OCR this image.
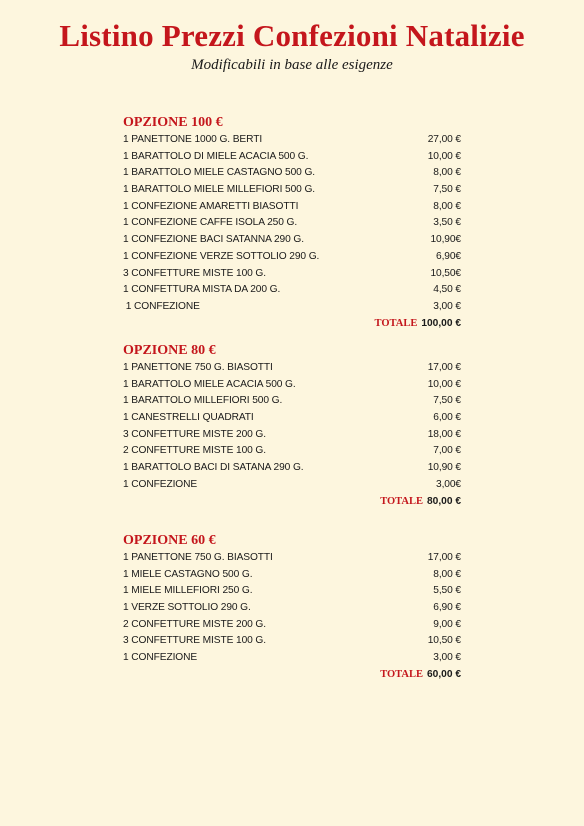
Listino Prezzi Confezioni Natalizie
Modificabili in base alle esigenze
OPZIONE 100 €
1 PANETTONE 1000 G. BERTI	27,00 €
1 BARATTOLO DI MIELE ACACIA 500 G.	10,00 €
1 BARATTOLO MIELE CASTAGNO 500 G.	8,00 €
1 BARATTOLO MIELE MILLEFIORI 500 G.	7,50 €
1 CONFEZIONE AMARETTI BIASOTTI	8,00 €
1 CONFEZIONE CAFFE ISOLA 250 G.	3,50 €
1 CONFEZIONE BACI SATANNA 290 G.	10,90€
1 CONFEZIONE VERZE SOTTOLIO 290 G.	6,90€
3 CONFETTURE MISTE 100 G.	10,50€
1 CONFETTURA MISTA DA 200 G.	4,50 €
1 CONFEZIONE	3,00 €
TOTALE 100,00 €
OPZIONE 80 €
1 PANETTONE 750 G. BIASOTTI	17,00 €
1 BARATTOLO MIELE ACACIA 500 G.	10,00 €
1 BARATTOLO MILLEFIORI 500 G.	7,50 €
1 CANESTRELLI QUADRATI	6,00 €
3 CONFETTURE MISTE 200 G.	18,00 €
2 CONFETTURE MISTE 100 G.	7,00 €
1 BARATTOLO BACI DI SATANA 290 G.	10,90 €
1 CONFEZIONE	3,00€
TOTALE 80,00 €
OPZIONE 60 €
1 PANETTONE 750 G. BIASOTTI	17,00 €
1 MIELE CASTAGNO 500 G.	8,00 €
1 MIELE MILLEFIORI 250 G.	5,50 €
1 VERZE SOTTOLIO 290 G.	6,90 €
2 CONFETTURE MISTE 200 G.	9,00 €
3 CONFETTURE MISTE 100 G.	10,50 €
1 CONFEZIONE	3,00 €
TOTALE 60,00 €
